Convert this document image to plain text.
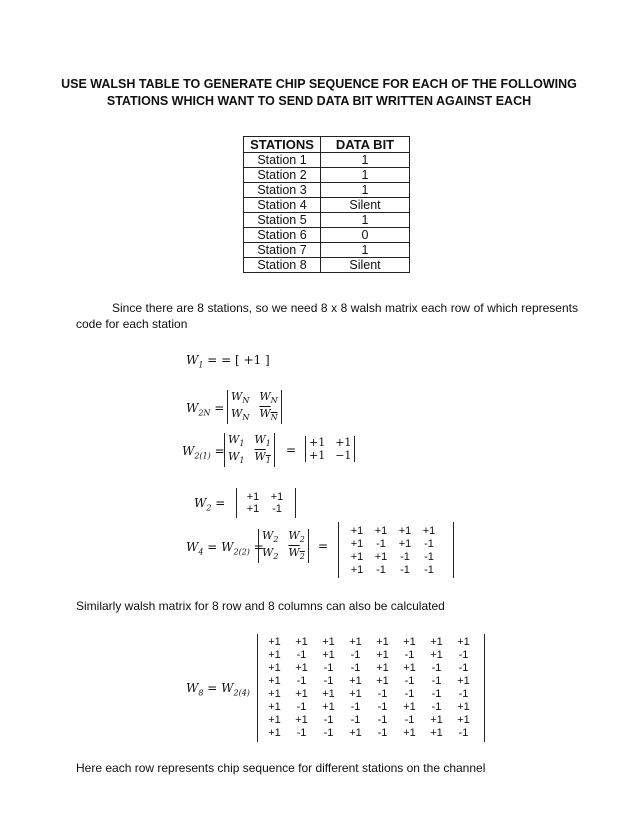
USE WALSH TABLE TO GENERATE CHIP SEQUENCE FOR EACH OF THE FOLLOWING STATIONS WHICH WANT TO SEND DATA BIT WRITTEN AGAINST EACH
STATIONS	DATA BIT
Station 1	1
Station 2	1
Station 3	1
Station 4	Silent
Station 5	1
Station 6	0
Station 7	1
Station 8	Silent
Since there are 8 stations, so we need 8 x 8 walsh matrix each row of which represents code for each station
$W_1$ = = [ +1 ]
$W_{2N}$ =
$W_N$ $W_N$
$W_N$ $W_N$
$W_{2(1)}$ =
$W_1$ $W_1$
$W_1$ $W_1$
=
+1 +1
+1 −1
$W_2$ =	+1	+1
+1	-1
$W_4 = W_{2(2)}$ =
$W_2$ $W_2$
$W_2$ $W_2$
=
+1	+1	+1	+1
+1	-1	+1	-1
+1	+1	-1	-1
+1	-1	-1	-1
Similarly walsh matrix for 8 row and 8 columns can also be calculated
$W_8 = W_{2(4)}$
+1	+1	+1	+1	+1	+1	+1	+1
+1	-1	+1	-1	+1	-1	+1	-1
+1	+1	-1	-1	+1	+1	-1	-1
+1	-1	-1	+1	+1	-1	-1	+1
+1	+1	+1	+1	-1	-1	-1	-1
+1	-1	+1	-1	-1	+1	-1	+1
+1	+1	-1	-1	-1	-1	+1	+1
+1	-1	-1	+1	-1	+1	+1	-1
Here each row represents chip sequence for different stations on the channel
